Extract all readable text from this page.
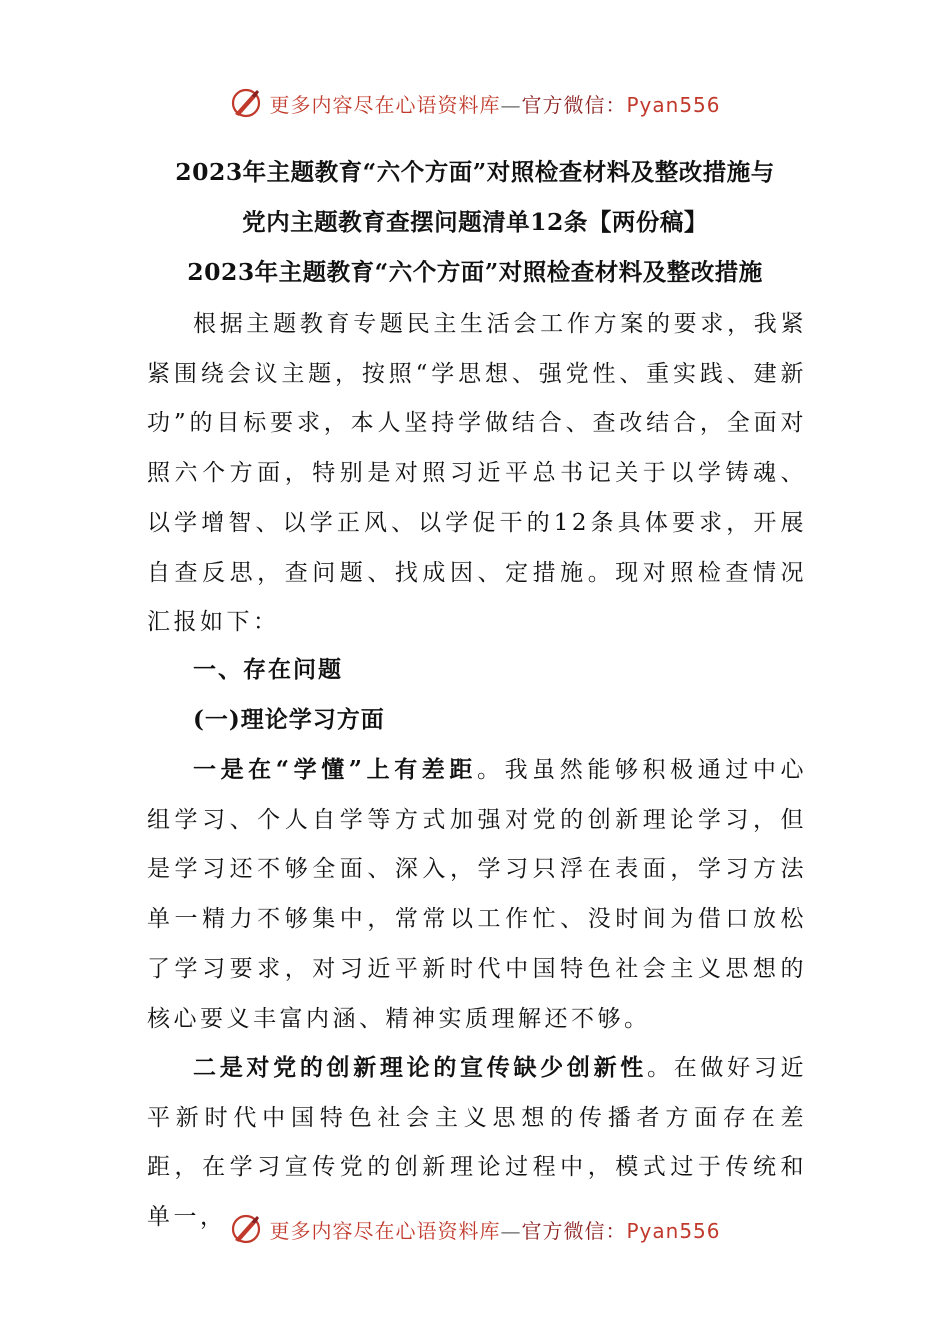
更多内容尽在心语资料库—官方微信：Pyan556
2023年主题教育“六个方面”对照检查材料及整改措施与
党内主题教育查摆问题清单12条【两份稿】
2023年主题教育“六个方面”对照检查材料及整改措施

根据主题教育专题民主生活会工作方案的要求，我紧紧围绕会议主题，按照“学思想、强党性、重实践、建新功”的目标要求，本人坚持学做结合、查改结合，全面对照六个方面，特别是对照习近平总书记关于以学铸魂、以学增智、以学正风、以学促干的12条具体要求，开展自查反思，查问题、找成因、定措施。现对照检查情况汇报如下：

一、存在问题

(一)理论学习方面

一是在“学懂”上有差距。我虽然能够积极通过中心组学习、个人自学等方式加强对党的创新理论学习，但是学习还不够全面、深入，学习只浮在表面，学习方法单一精力不够集中，常常以工作忙、没时间为借口放松了学习要求，对习近平新时代中国特色社会主义思想的核心要义丰富内涵、精神实质理解还不够。

二是对党的创新理论的宣传缺少创新性。在做好习近平新时代中国特色社会主义思想的传播者方面存在差距，在学习宣传党的创新理论过程中，模式过于传统和单一，

更多内容尽在心语资料库—官方微信：Pyan556
